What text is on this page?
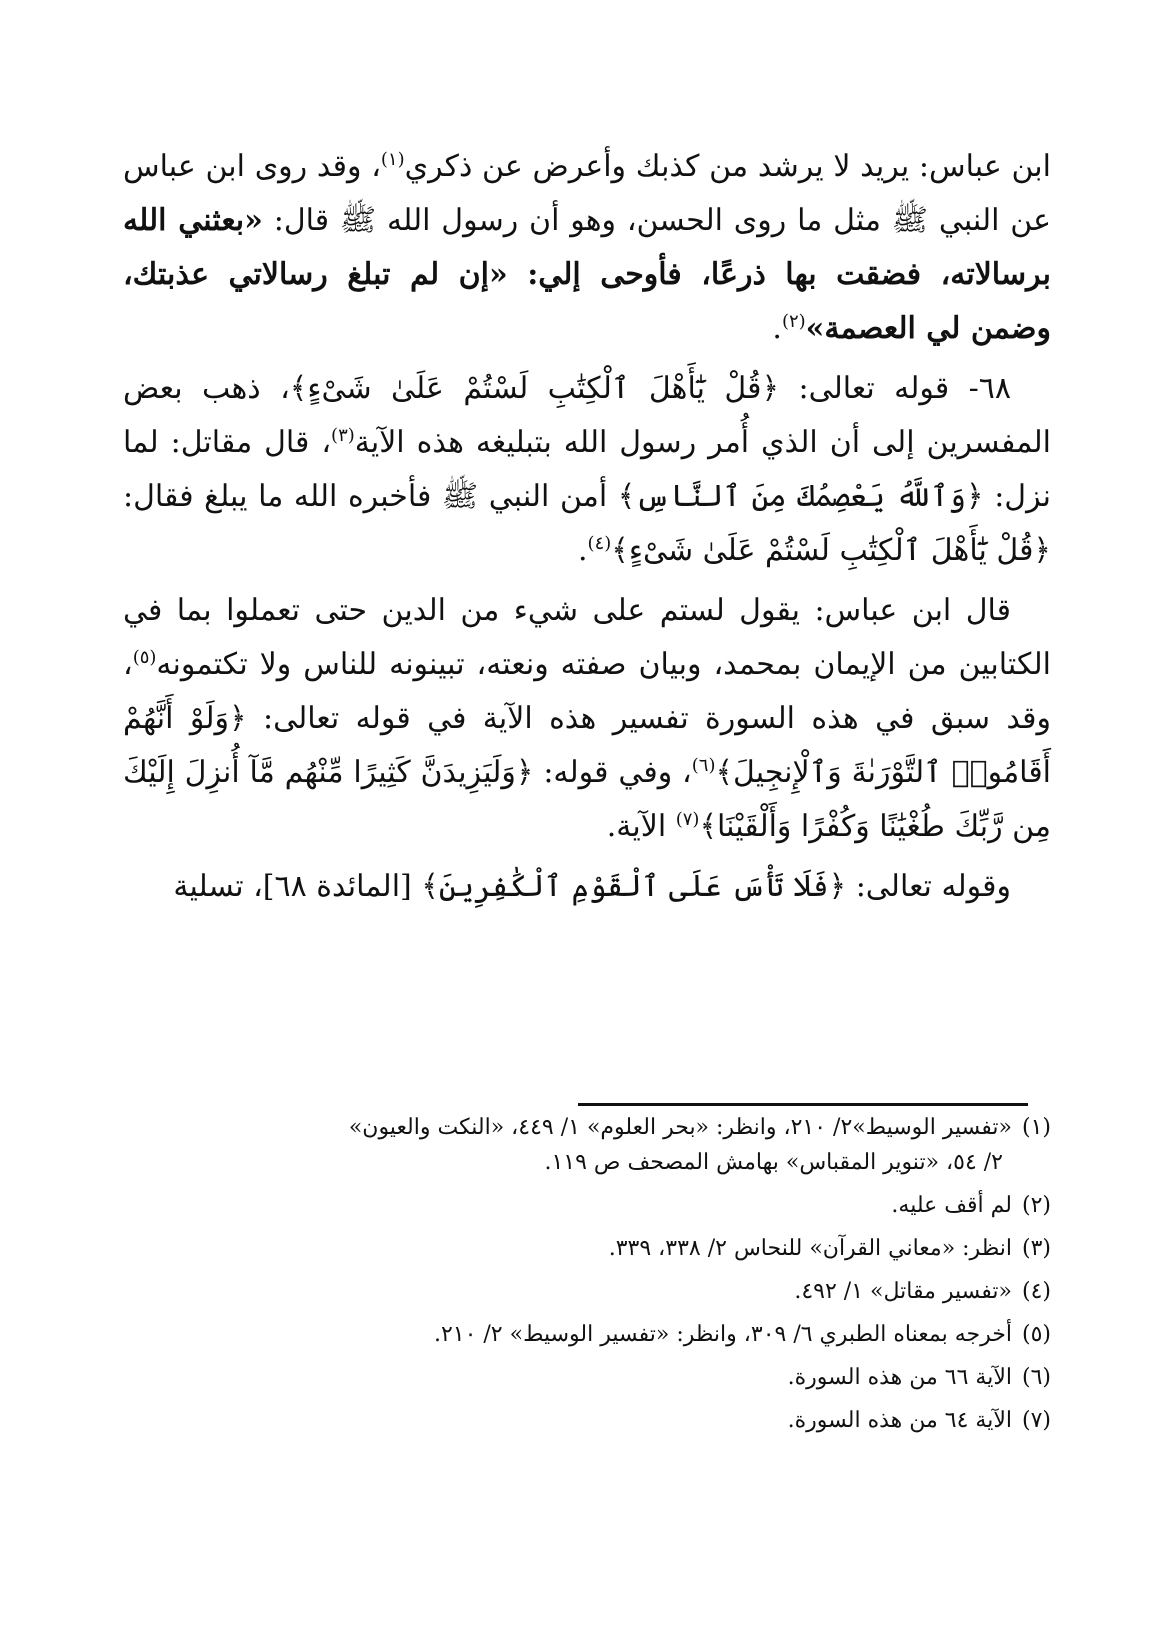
ابن عباس: يريد لا يرشد من كذبك وأعرض عن ذكري$^{(١)}$، وقد روى ابن عباس عن النبي ﷺ مثل ما روى الحسن، وهو أن رسول الله ﷺ قال: «بعثني الله برسالاته، فضقت بها ذرعًا، فأوحى إلي: «إن لم تبلغ رسالاتي عذبتك، وضمن لي العصمة»$^{(٢)}$.

٦٨- قوله تعالى: ﴿قُلْ يَٰٓأَهْلَ ٱلْكِتَٰبِ لَسْتُمْ عَلَىٰ شَىْءٍ﴾، ذهب بعض المفسرين إلى أن الذي أُمر رسول الله بتبليغه هذه الآية$^{(٣)}$، قال مقاتل: لما نزل: ﴿وَٱللَّهُ يَعْصِمُكَ مِنَ ٱلنَّاسِ﴾ أمن النبي ﷺ فأخبره الله ما يبلغ فقال: ﴿قُلْ يَٰٓأَهْلَ ٱلْكِتَٰبِ لَسْتُمْ عَلَىٰ شَىْءٍ﴾$^{(٤)}$.

قال ابن عباس: يقول لستم على شيء من الدين حتى تعملوا بما في الكتابين من الإيمان بمحمد، وبيان صفته ونعته، تبينونه للناس ولا تكتمونه$^{(٥)}$، وقد سبق في هذه السورة تفسير هذه الآية في قوله تعالى: ﴿وَلَوْ أَنَّهُمْ أَقَامُوا۟ ٱلتَّوْرَىٰةَ وَٱلْإِنجِيلَ﴾$^{(٦)}$، وفي قوله: ﴿وَلَيَزِيدَنَّ كَثِيرًا مِّنْهُم مَّآ أُنزِلَ إِلَيْكَ مِن رَّبِّكَ طُغْيَٰنًا وَكُفْرًا وَأَلْقَيْنَا﴾$^{(٧)}$ الآية.

وقوله تعالى: ﴿فَلَا تَأْسَ عَلَى ٱلْقَوْمِ ٱلْكَٰفِرِينَ﴾ [المائدة ٦٨]، تسلية

(١)«تفسير الوسيط»٢/ ٢١٠، وانظر: «بحر العلوم» ١/ ٤٤٩، «النكت والعيون»
٢/ ٥٤، «تنوير المقباس» بهامش المصحف ص ١١٩.

(٢)لم أقف عليه.

(٣)انظر: «معاني القرآن» للنحاس ٢/ ٣٣٨، ٣٣٩.

(٤)«تفسير مقاتل» ١/ ٤٩٢.

(٥)أخرجه بمعناه الطبري ٦/ ٣٠٩، وانظر: «تفسير الوسيط» ٢/ ٢١٠.

(٦)الآية ٦٦ من هذه السورة.

(٧)الآية ٦٤ من هذه السورة.
